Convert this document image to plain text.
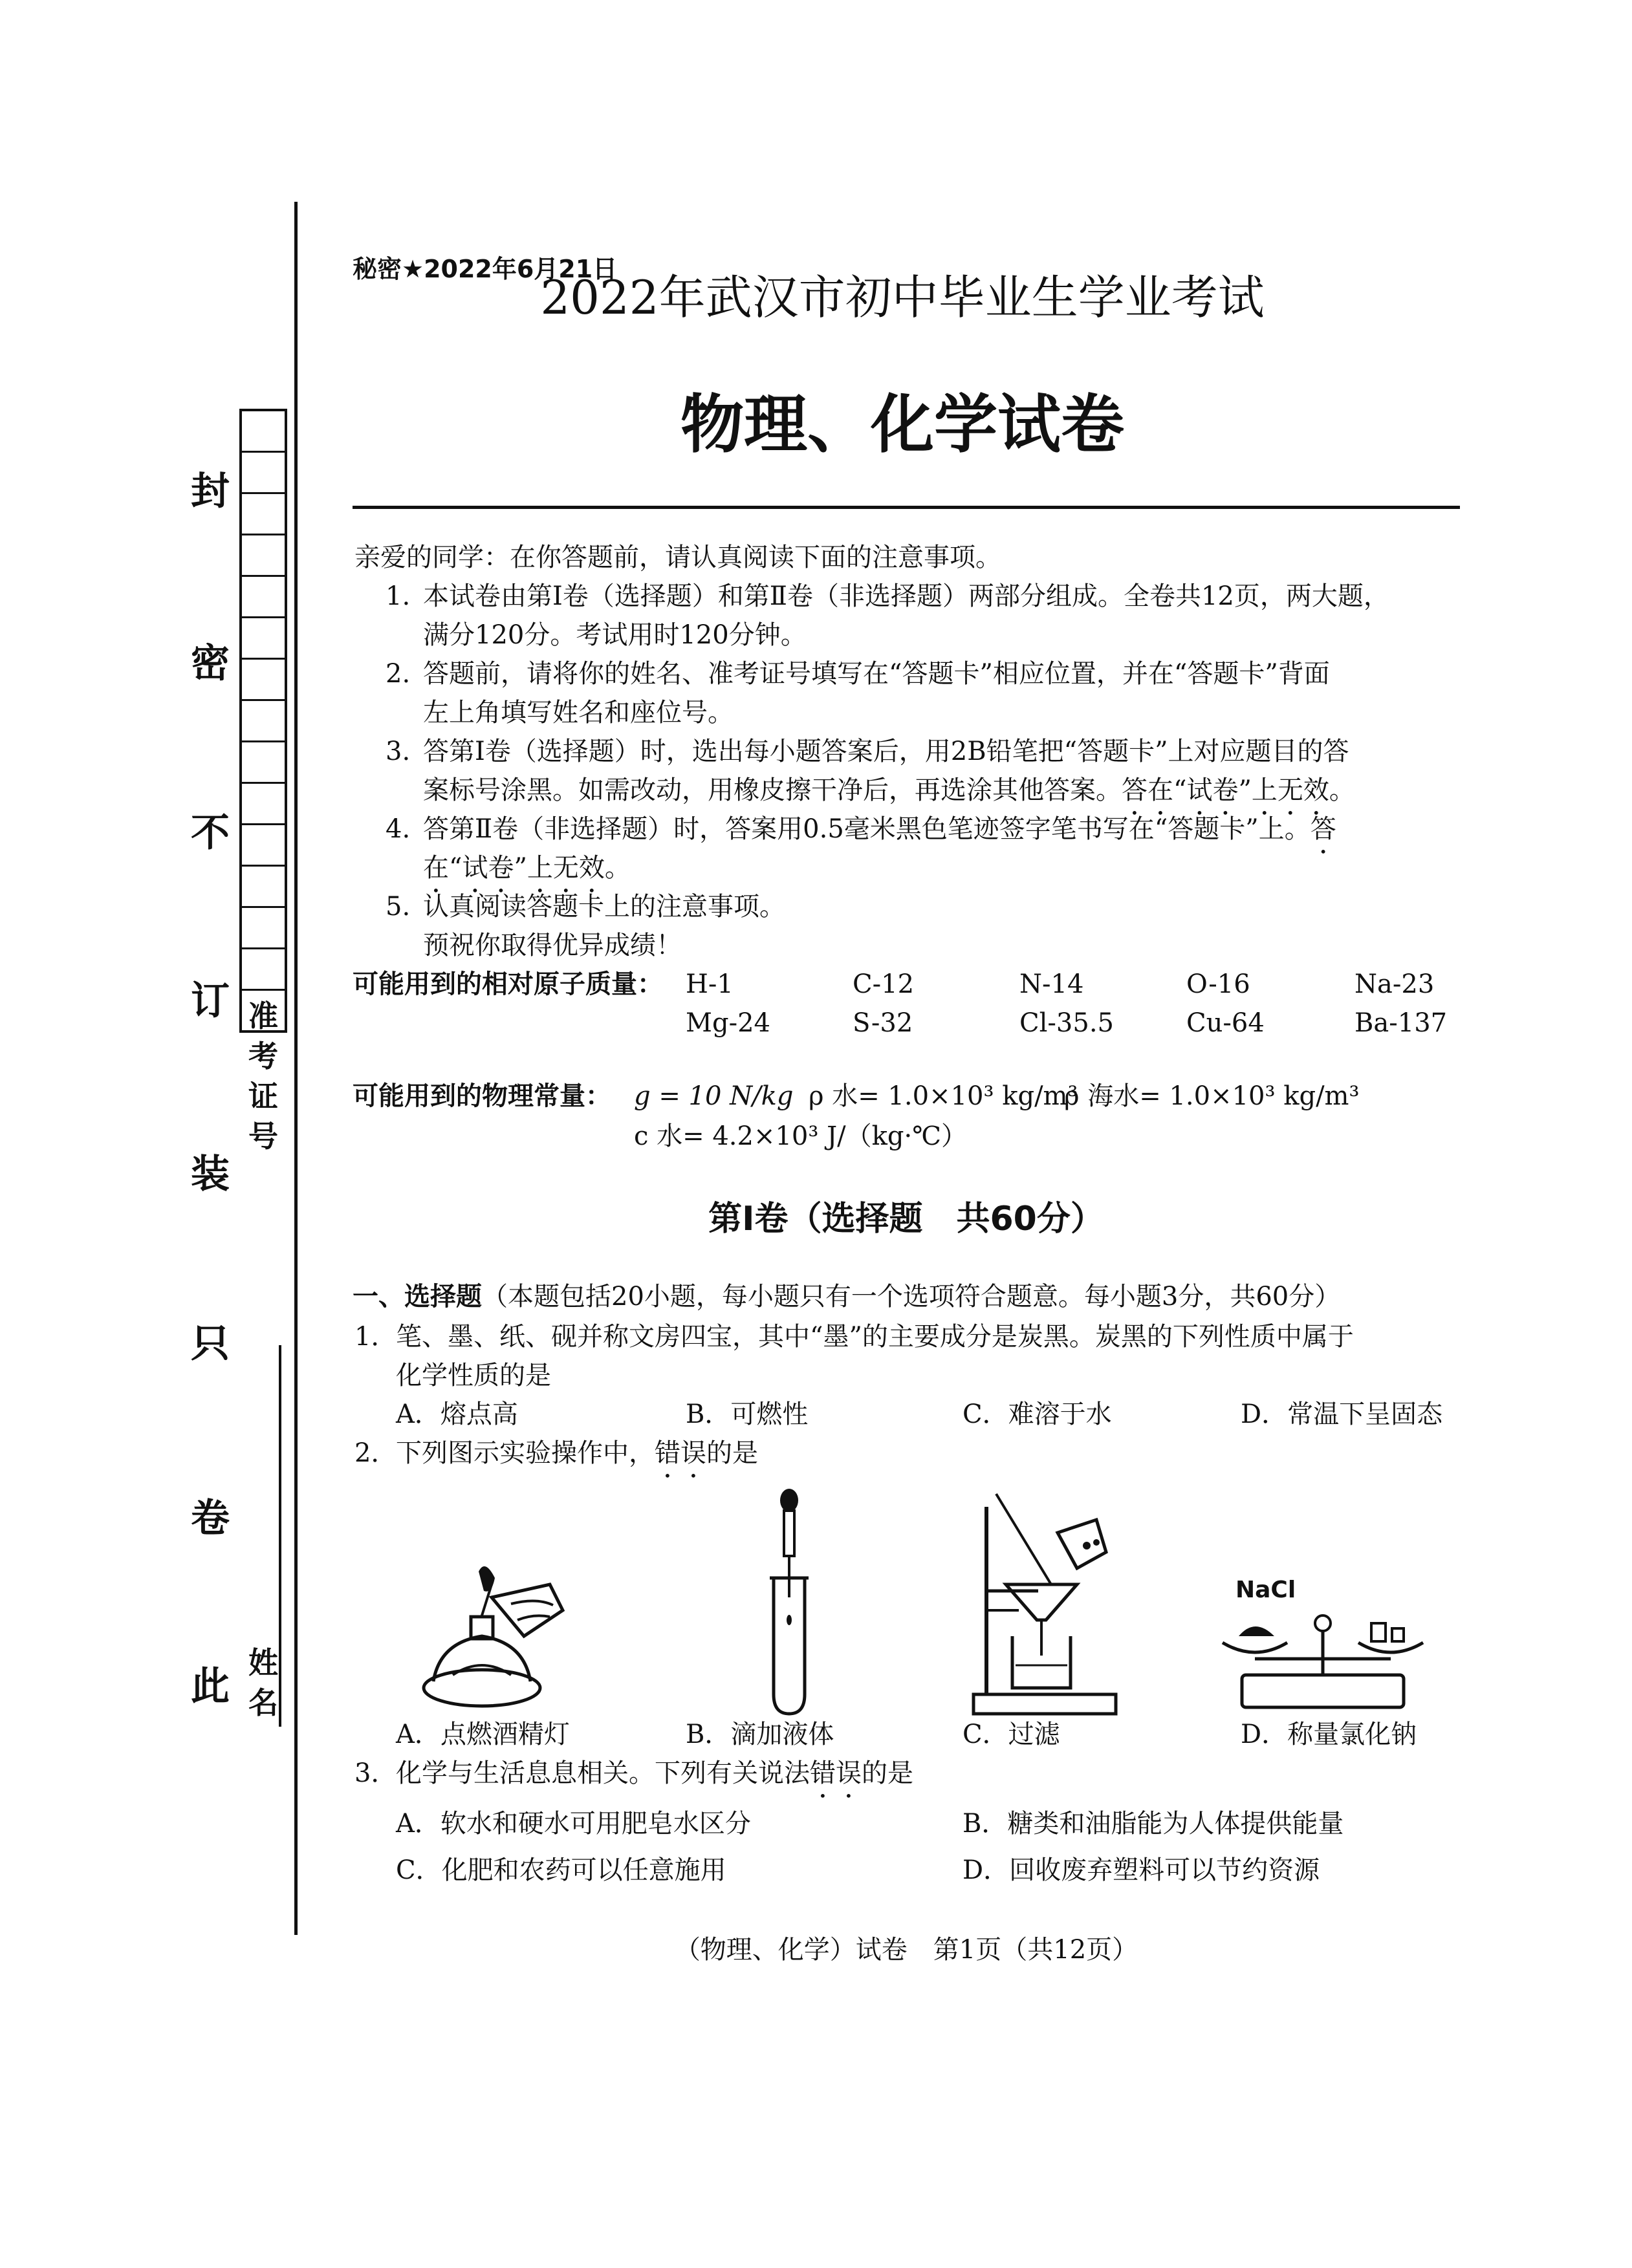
封
密
不
订
装
只
卷
此
准考证号
姓名
秘密★2022年6月21日
2022年武汉市初中毕业生学业考试
物理、化学试卷
亲爱的同学：在你答题前，请认真阅读下面的注意事项。
1. 本试卷由第Ⅰ卷（选择题）和第Ⅱ卷（非选择题）两部分组成。全卷共12页，两大题，
满分120分。考试用时120分钟。
2. 答题前，请将你的姓名、准考证号填写在“答题卡”相应位置，并在“答题卡”背面
左上角填写姓名和座位号。
3. 答第Ⅰ卷（选择题）时，选出每小题答案后，用2B铅笔把“答题卡”上对应题目的答
案标号涂黑。如需改动，用橡皮擦干净后，再选涂其他答案。答在“试卷”上无效。
4. 答第Ⅱ卷（非选择题）时，答案用0.5毫米黑色笔迹签字笔书写在“答题卡”上。答
在“试卷”上无效。
5. 认真阅读答题卡上的注意事项。
预祝你取得优异成绩！
可能用到的相对原子质量： H-1	C-12	N-14	O-16	Na-23
Mg-24	S-32	Cl-35.5	Cu-64	Ba-137
可能用到的物理常量： g = 10 N/kg ρ 水= 1.0×10³ kg/m³
ρ 海水= 1.0×10³ kg/m³
c 水= 4.2×10³ J/（kg·℃）
第Ⅰ卷（选择题　共60分）
一、选择题（本题包括20小题，每小题只有一个选项符合题意。每小题3分，共60分）
1．
笔、墨、纸、砚并称文房四宝，其中“墨”的主要成分是炭黑。炭黑的下列性质中属于
化学性质的是
A．熔点高	B．可燃性	C．难溶于水	D．常温下呈固态
2．
下列图示实验操作中，错误的是
NaCl
A．点燃酒精灯	B．滴加液体	C．过滤	D．称量氯化钠
3．
化学与生活息息相关。下列有关说法错误的是
A．软水和硬水可用肥皂水区分	B．糖类和油脂能为人体提供能量
C．化肥和农药可以任意施用	D．回收废弃塑料可以节约资源
（物理、化学）试卷　第1页（共12页）
